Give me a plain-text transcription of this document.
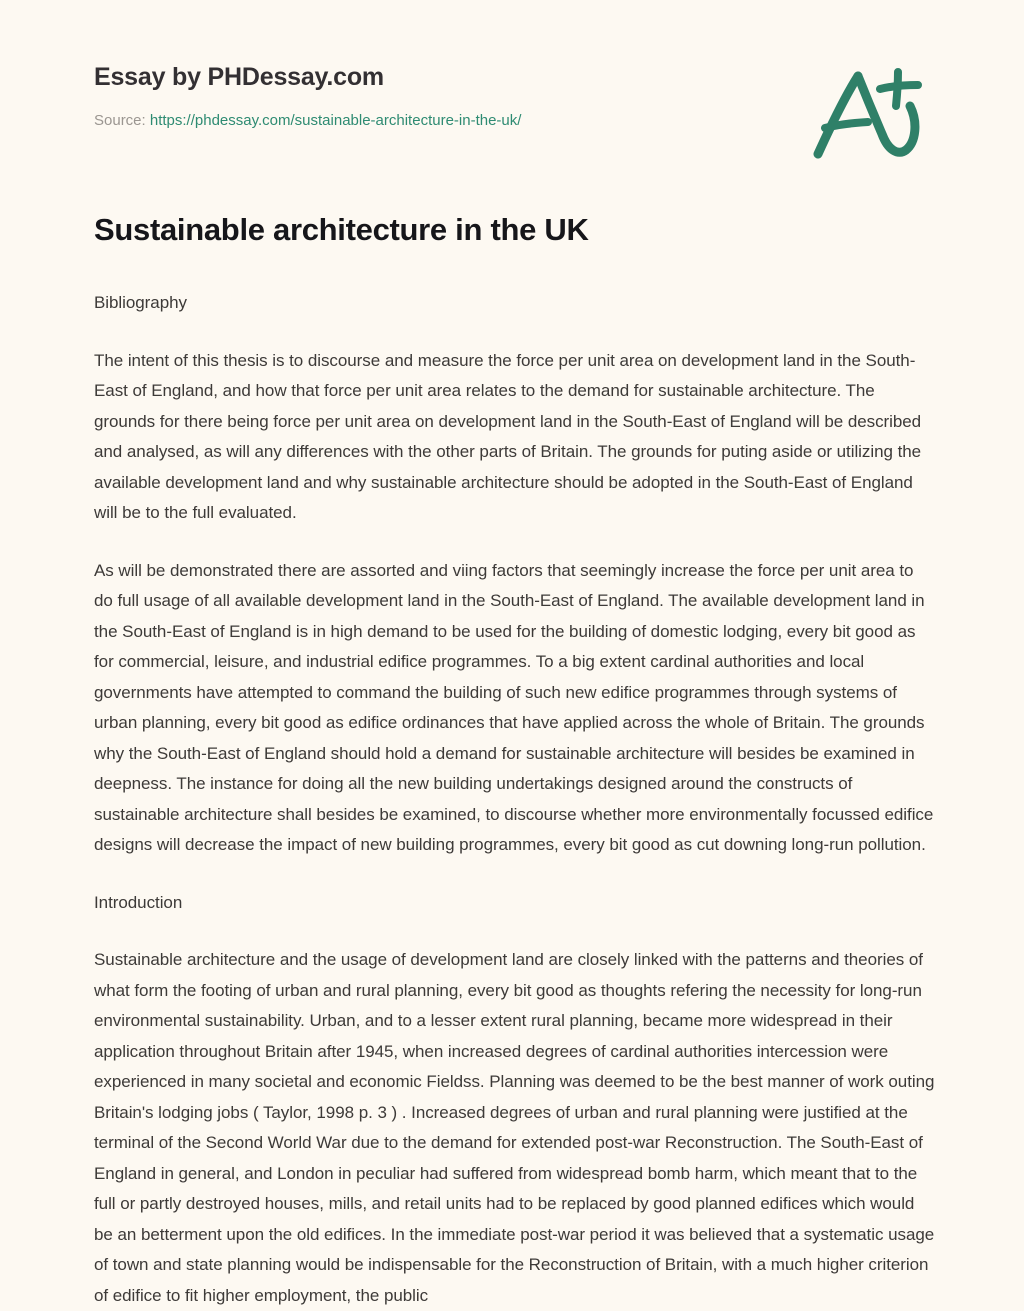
Essay by PHDessay.com
Source: https://phdessay.com/sustainable-architecture-in-the-uk/
Sustainable architecture in the UK

Bibliography

The intent of this thesis is to discourse and measure the force per unit area on development land in the South-East of England, and how that force per unit area relates to the demand for sustainable architecture. The grounds for there being force per unit area on development land in the South-East of England will be described and analysed, as will any differences with the other parts of Britain. The grounds for puting aside or utilizing the available development land and why sustainable architecture should be adopted in the South-East of England will be to the full evaluated.

As will be demonstrated there are assorted and viing factors that seemingly increase the force per unit area to do full usage of all available development land in the South-East of England. The available development land in the South-East of England is in high demand to be used for the building of domestic lodging, every bit good as for commercial, leisure, and industrial edifice programmes. To a big extent cardinal authorities and local governments have attempted to command the building of such new edifice programmes through systems of urban planning, every bit good as edifice ordinances that have applied across the whole of Britain. The grounds why the South-East of England should hold a demand for sustainable architecture will besides be examined in deepness. The instance for doing all the new building undertakings designed around the constructs of sustainable architecture shall besides be examined, to discourse whether more environmentally focussed edifice designs will decrease the impact of new building programmes, every bit good as cut downing long-run pollution.

Introduction

Sustainable architecture and the usage of development land are closely linked with the patterns and theories of what form the footing of urban and rural planning, every bit good as thoughts refering the necessity for long-run environmental sustainability. Urban, and to a lesser extent rural planning, became more widespread in their application throughout Britain after 1945, when increased degrees of cardinal authorities intercession were experienced in many societal and economic Fieldss. Planning was deemed to be the best manner of work outing Britain's lodging jobs ( Taylor, 1998 p. 3 ) . Increased degrees of urban and rural planning were justified at the terminal of the Second World War due to the demand for extended post-war Reconstruction. The South-East of England in general, and London in peculiar had suffered from widespread bomb harm, which meant that to the full or partly destroyed houses, mills, and retail units had to be replaced by good planned edifices which would be an betterment upon the old edifices. In the immediate post-war period it was believed that a systematic usage of town and state planning would be indispensable for the Reconstruction of Britain, with a much higher criterion of edifice to fit higher employment, the public
